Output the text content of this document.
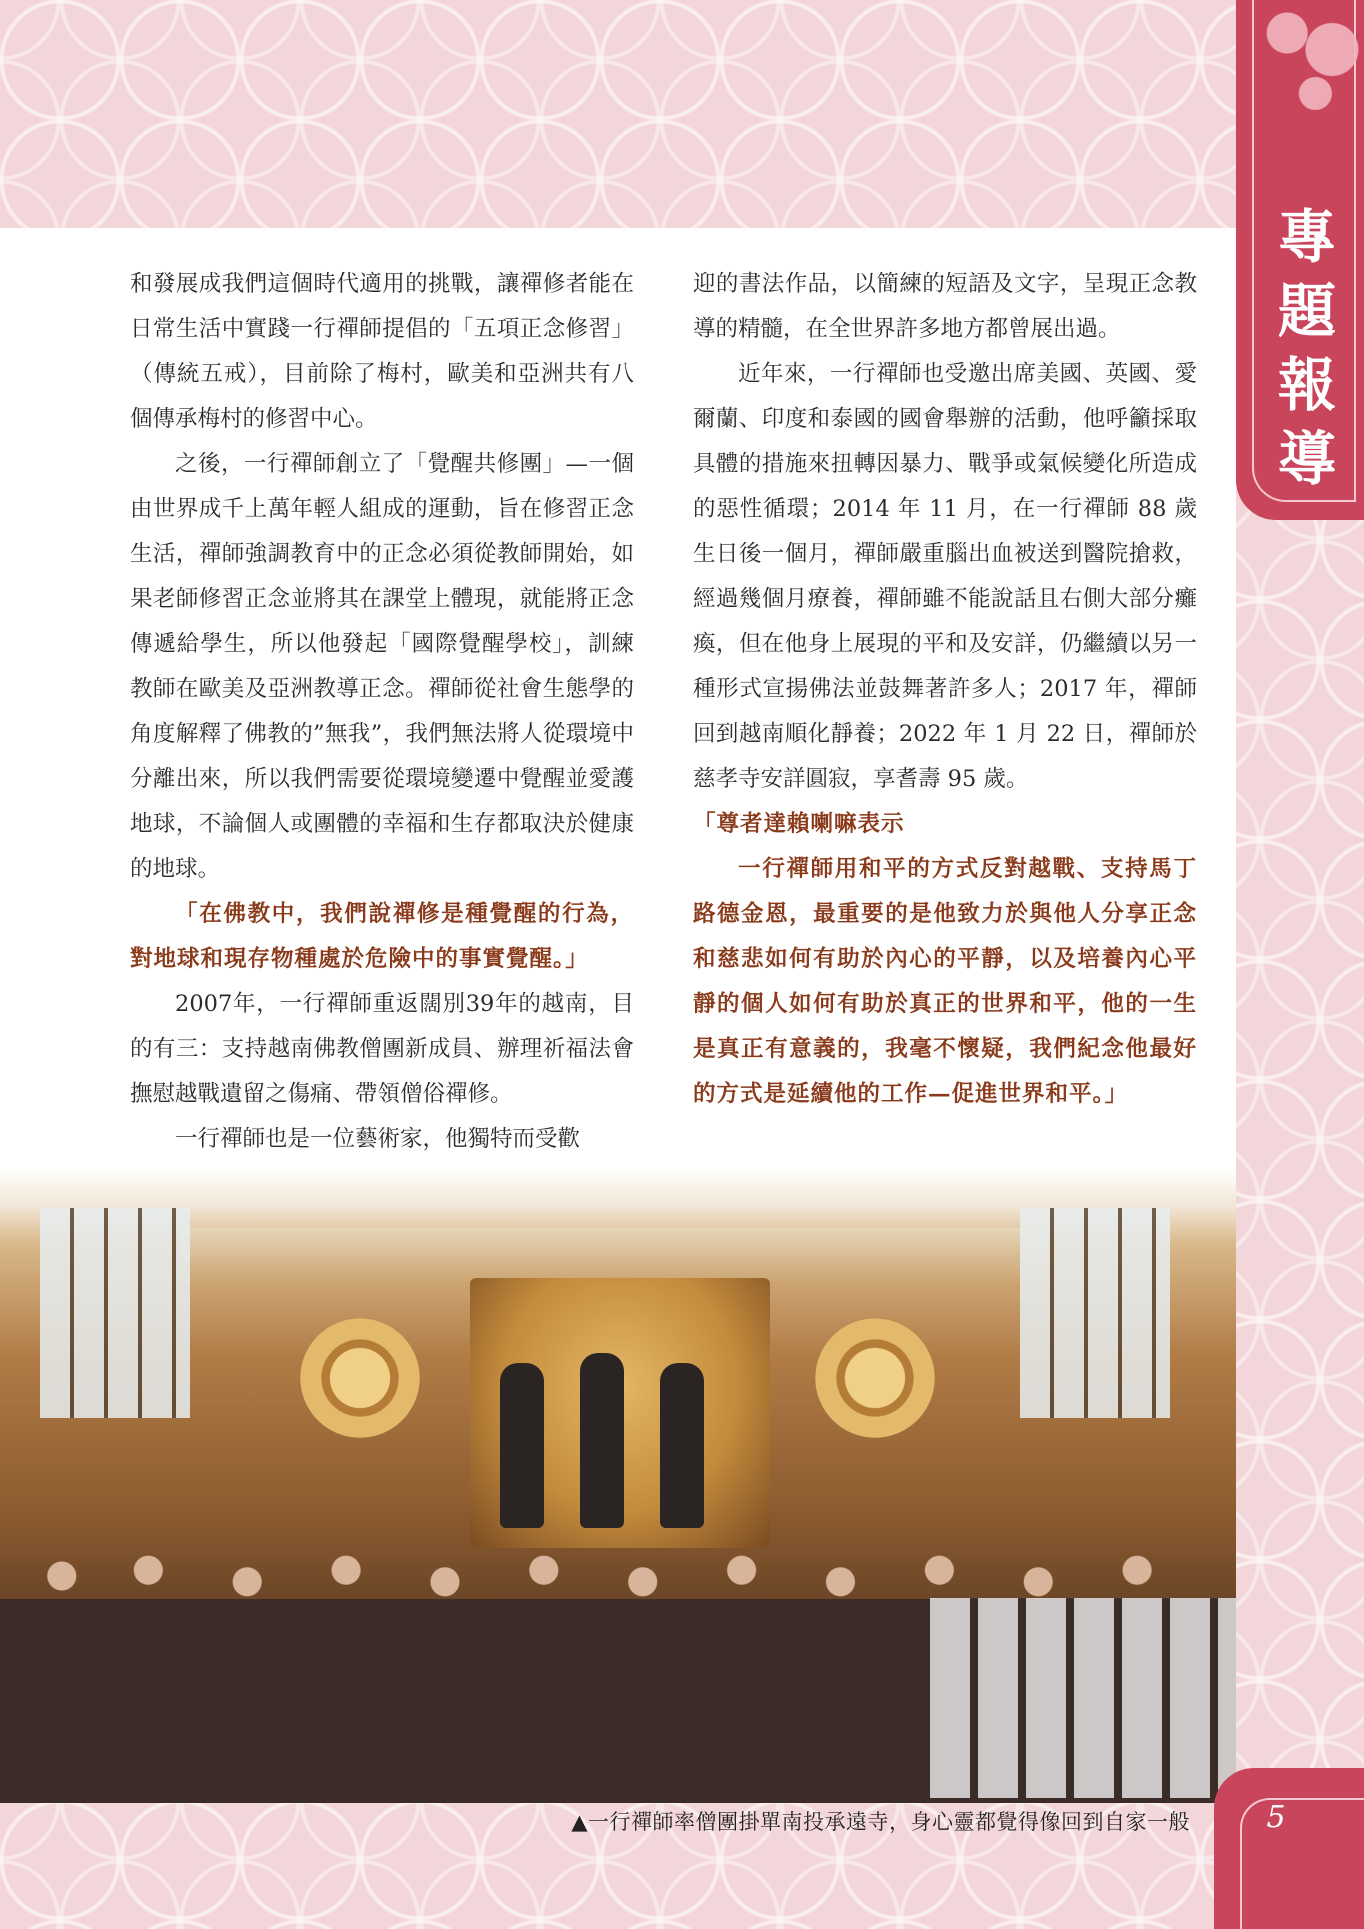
專
題
報
導

和發展成我們這個時代適用的挑戰，讓禪修者能在日常生活中實踐一行禪師提倡的「五項正念修習」（傳統五戒），目前除了梅村，歐美和亞洲共有八個傳承梅村的修習中心。

之後，一行禪師創立了「覺醒共修團」—一個由世界成千上萬年輕人組成的運動，旨在修習正念生活，禪師強調教育中的正念必須從教師開始，如果老師修習正念並將其在課堂上體現，就能將正念傳遞給學生，所以他發起「國際覺醒學校」，訓練教師在歐美及亞洲教導正念。禪師從社會生態學的角度解釋了佛教的”無我”，我們無法將人從環境中分離出來，所以我們需要從環境變遷中覺醒並愛護地球，不論個人或團體的幸福和生存都取決於健康的地球。

「在佛教中，我們說禪修是種覺醒的行為，對地球和現存物種處於危險中的事實覺醒。」

2007年，一行禪師重返闊別39年的越南，目的有三：支持越南佛教僧團新成員、辦理祈福法會撫慰越戰遺留之傷痛、帶領僧俗禪修。

一行禪師也是一位藝術家，他獨特而受歡

迎的書法作品，以簡練的短語及文字，呈現正念教導的精髓，在全世界許多地方都曾展出過。

近年來，一行禪師也受邀出席美國、英國、愛爾蘭、印度和泰國的國會舉辦的活動，他呼籲採取具體的措施來扭轉因暴力、戰爭或氣候變化所造成的惡性循環；2014 年 11 月，在一行禪師 88 歲生日後一個月，禪師嚴重腦出血被送到醫院搶救，經過幾個月療養，禪師雖不能說話且右側大部分癱瘓，但在他身上展現的平和及安詳，仍繼續以另一種形式宣揚佛法並鼓舞著許多人；2017 年，禪師回到越南順化靜養；2022 年 1 月 22 日，禪師於慈孝寺安詳圓寂，享耆壽 95 歲。

「尊者達賴喇嘛表示

一行禪師用和平的方式反對越戰、支持馬丁路德金恩，最重要的是他致力於與他人分享正念和慈悲如何有助於內心的平靜，以及培養內心平靜的個人如何有助於真正的世界和平，他的一生是真正有意義的，我毫不懷疑，我們紀念他最好的方式是延續他的工作—促進世界和平。」

5
▲一行禪師率僧團掛單南投承遠寺，身心靈都覺得像回到自家一般
